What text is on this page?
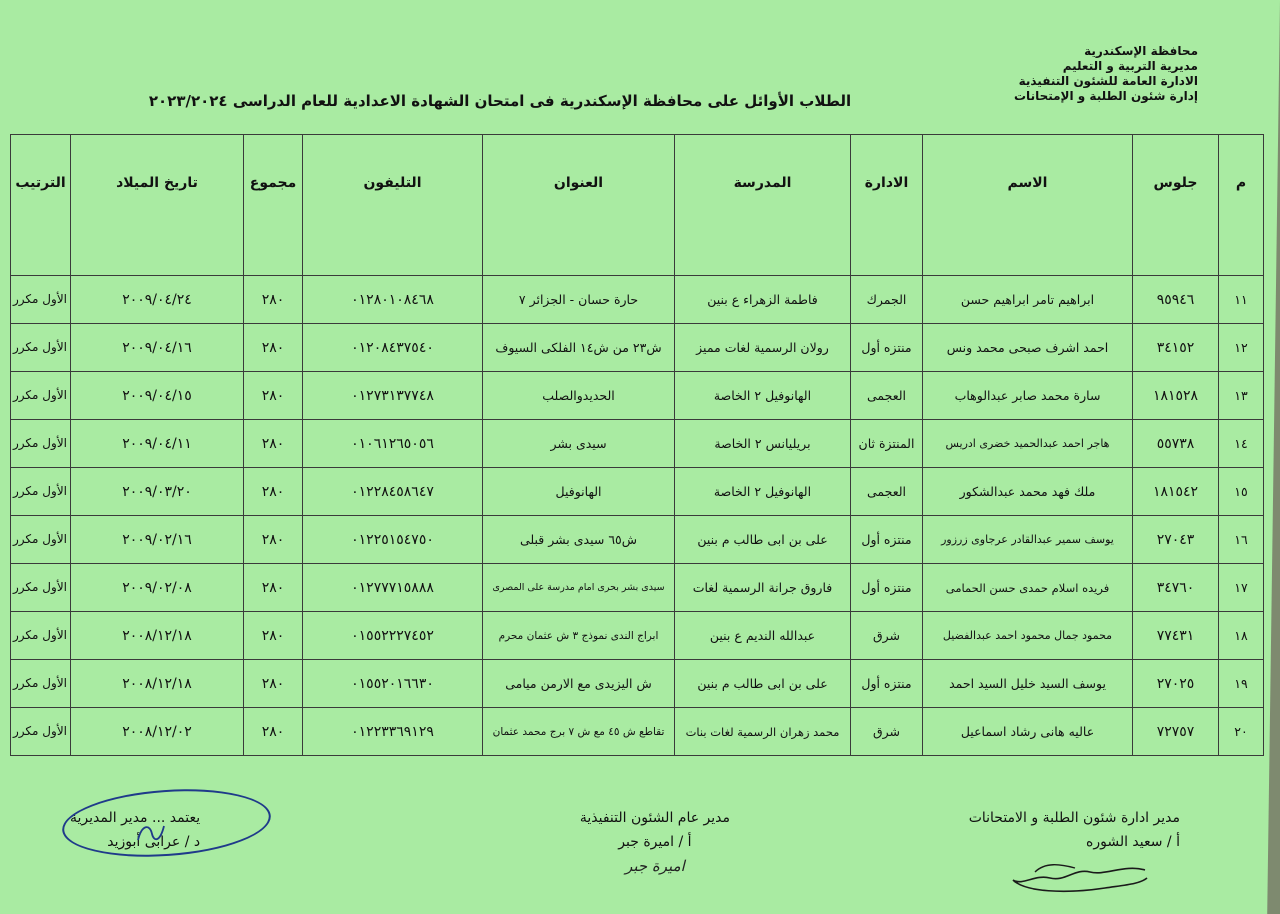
محافظة الإسكندرية
مديرية التربية و التعليم
الادارة العامة للشئون التنفيذية
إدارة شئون الطلبة و الإمتحانات
الطلاب الأوائل على محافظة الإسكندرية فى امتحان الشهادة الاعدادية للعام الدراسى ٢٠٢٣/٢٠٢٤
م	جلوس	الاسم	الادارة	المدرسة	العنوان	التليفون	مجموع	تاريخ الميلاد	الترتيب
١١	٩٥٩٤٦	ابراهيم تامر ابراهيم حسن	الجمرك	فاطمة الزهراء ع بنين	حارة حسان - الجزائر ٧	٠١٢٨٠١٠٨٤٦٨	٢٨٠	٢٠٠٩/٠٤/٢٤	الأول مكرر
١٢	٣٤١٥٢	احمد اشرف صبحى محمد ونس	منتزه أول	رولان الرسمية لغات مميز	ش٢٣ من ش١٤ الفلكى السيوف	٠١٢٠٨٤٣٧٥٤٠	٢٨٠	٢٠٠٩/٠٤/١٦	الأول مكرر
١٣	١٨١٥٢٨	سارة محمد صابر عبدالوهاب	العجمى	الهانوفيل ٢ الخاصة	الحديدوالصلب	٠١٢٧٣١٣٧٧٤٨	٢٨٠	٢٠٠٩/٠٤/١٥	الأول مكرر
١٤	٥٥٧٣٨	هاجر احمد عبدالحميد خضرى ادريس	المنتزة ثان	بريليانس ٢ الخاصة	سيدى بشر	٠١٠٦١٢٦٥٠٥٦	٢٨٠	٢٠٠٩/٠٤/١١	الأول مكرر
١٥	١٨١٥٤٢	ملك فهد محمد عبدالشكور	العجمى	الهانوفيل ٢ الخاصة	الهانوفيل	٠١٢٢٨٤٥٨٦٤٧	٢٨٠	٢٠٠٩/٠٣/٢٠	الأول مكرر
١٦	٢٧٠٤٣	يوسف سمير عبدالقادر عرجاوى زرزور	منتزه أول	على بن ابى طالب م بنين	ش٦٥ سيدى بشر قبلى	٠١٢٢٥١٥٤٧٥٠	٢٨٠	٢٠٠٩/٠٢/١٦	الأول مكرر
١٧	٣٤٧٦٠	فريده اسلام حمدى حسن الحمامى	منتزه أول	فاروق جرانة الرسمية لغات	سيدى بشر بحرى امام مدرسة على المصرى	٠١٢٧٧٧١٥٨٨٨	٢٨٠	٢٠٠٩/٠٢/٠٨	الأول مكرر
١٨	٧٧٤٣١	محمود جمال محمود احمد عبدالفضيل	شرق	عبدالله النديم ع بنين	ابراج الندى نموذج ٣ ش عثمان محرم	٠١٥٥٢٢٢٧٤٥٢	٢٨٠	٢٠٠٨/١٢/١٨	الأول مكرر
١٩	٢٧٠٢٥	يوسف السيد خليل السيد احمد	منتزه أول	على بن ابى طالب م بنين	ش اليزيدى مع الارمن ميامى	٠١٥٥٢٠١٦٦٣٠	٢٨٠	٢٠٠٨/١٢/١٨	الأول مكرر
٢٠	٧٢٧٥٧	عاليه هانى رشاد اسماعيل	شرق	محمد زهران الرسمية لغات بنات	تقاطع ش ٤٥ مع ش ٧ برج محمد عثمان	٠١٢٢٣٣٦٩١٢٩	٢٨٠	٢٠٠٨/١٢/٠٢	الأول مكرر
مدير ادارة شئون الطلبة و الامتحانات
أ / سعيد الشوره
مدير عام الشئون التنفيذية
أ / اميرة جبر
اميرة جبر
يعتمد ... مدير المديرية
د / عرابى أبوزيد
